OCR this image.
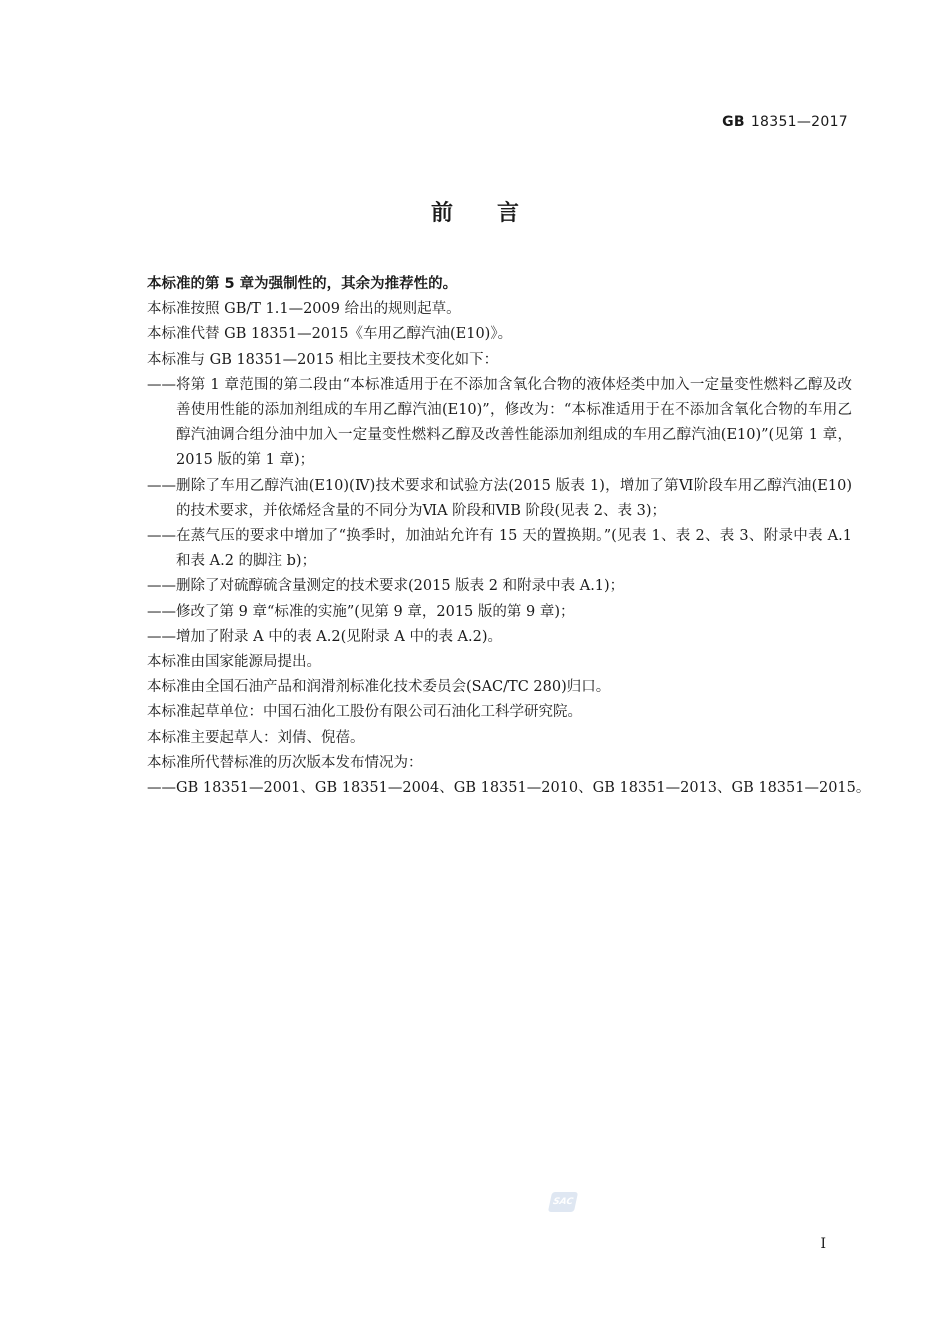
GB 18351—2017
前言

本标准的第 5 章为强制性的，其余为推荐性的。

本标准按照 GB/T 1.1—2009 给出的规则起草。

本标准代替 GB 18351—2015《车用乙醇汽油(E10)》。

本标准与 GB 18351—2015 相比主要技术变化如下：

—— 将第 1 章范围的第二段由“本标准适用于在不添加含氧化合物的液体烃类中加入一定量变性燃料乙醇及改善使用性能的添加剂组成的车用乙醇汽油(E10)”，修改为：“本标准适用于在不添加含氧化合物的车用乙醇汽油调合组分油中加入一定量变性燃料乙醇及改善性能添加剂组成的车用乙醇汽油(E10)”(见第 1 章，2015 版的第 1 章)；
—— 删除了车用乙醇汽油(E10)(Ⅳ)技术要求和试验方法(2015 版表 1)，增加了第Ⅵ阶段车用乙醇汽油(E10)的技术要求，并依烯烃含量的不同分为ⅥA 阶段和ⅥB 阶段(见表 2、表 3)；
—— 在蒸气压的要求中增加了“换季时，加油站允许有 15 天的置换期。”(见表 1、表 2、表 3、附录中表 A.1 和表 A.2 的脚注 b)；
—— 删除了对硫醇硫含量测定的技术要求(2015 版表 2 和附录中表 A.1)；
—— 修改了第 9 章“标准的实施”(见第 9 章，2015 版的第 9 章)；
—— 增加了附录 A 中的表 A.2(见附录 A 中的表 A.2)。

本标准由国家能源局提出。

本标准由全国石油产品和润滑剂标准化技术委员会(SAC/TC 280)归口。

本标准起草单位：中国石油化工股份有限公司石油化工科学研究院。

本标准主要起草人：刘倩、倪蓓。

本标准所代替标准的历次版本发布情况为：

—— GB 18351—2001、GB 18351—2004、GB 18351—2010、GB 18351—2013、GB 18351—2015。
SAC
I
